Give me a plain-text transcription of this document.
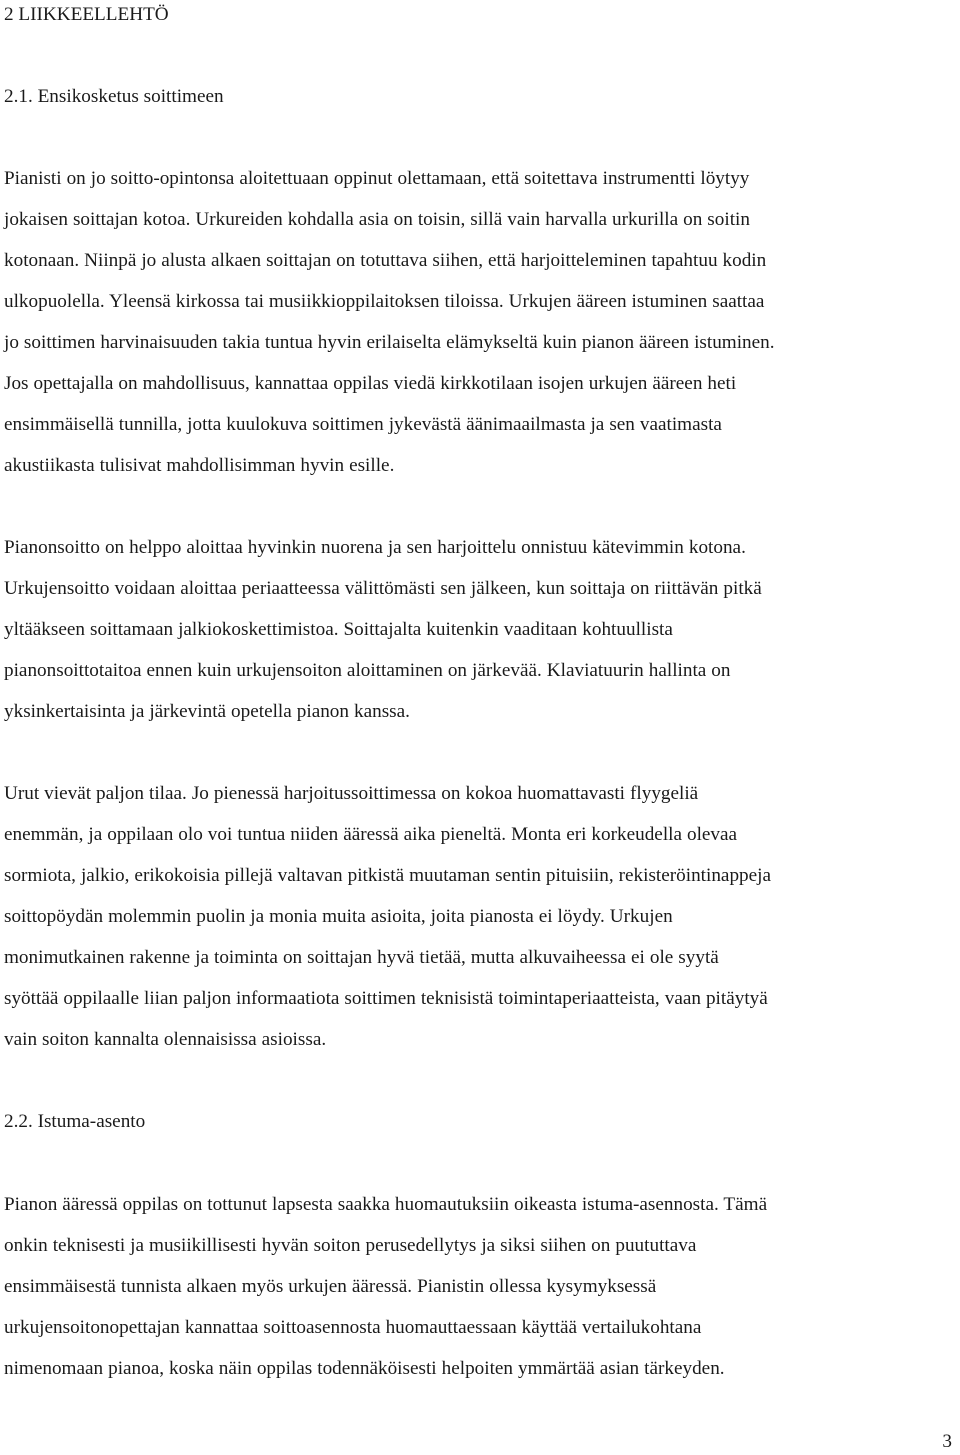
2 LIIKKEELLEHTÖ
2.1. Ensikosketus soittimeen
Pianisti on jo soitto-opintonsa aloitettuaan oppinut olettamaan, että soitettava instrumentti löytyy
jokaisen soittajan kotoa. Urkureiden kohdalla asia on toisin, sillä vain harvalla urkurilla on soitin
kotonaan. Niinpä jo alusta alkaen soittajan on totuttava siihen, että harjoitteleminen tapahtuu kodin
ulkopuolella. Yleensä kirkossa tai musiikkioppilaitoksen tiloissa. Urkujen ääreen istuminen saattaa
jo soittimen harvinaisuuden takia tuntua hyvin erilaiselta elämykseltä kuin pianon ääreen istuminen.
Jos opettajalla on mahdollisuus, kannattaa oppilas viedä kirkkotilaan isojen urkujen ääreen heti
ensimmäisellä tunnilla, jotta kuulokuva soittimen jykevästä äänimaailmasta ja sen vaatimasta
akustiikasta tulisivat mahdollisimman hyvin esille.
Pianonsoitto on helppo aloittaa hyvinkin nuorena ja sen harjoittelu onnistuu kätevimmin kotona.
Urkujensoitto voidaan aloittaa periaatteessa välittömästi sen jälkeen, kun soittaja on riittävän pitkä
yltääkseen soittamaan jalkiokoskettimistoa. Soittajalta kuitenkin vaaditaan kohtuullista
pianonsoittotaitoa ennen kuin urkujensoiton aloittaminen on järkevää. Klaviatuurin hallinta on
yksinkertaisinta ja järkevintä opetella pianon kanssa.
Urut vievät paljon tilaa. Jo pienessä harjoitussoittimessa on kokoa huomattavasti flyygeliä
enemmän, ja oppilaan olo voi tuntua niiden ääressä aika pieneltä. Monta eri korkeudella olevaa
sormiota, jalkio, erikokoisia pillejä valtavan pitkistä muutaman sentin pituisiin, rekisteröintinappeja
soittopöydän molemmin puolin ja monia muita asioita, joita pianosta ei löydy. Urkujen
monimutkainen rakenne ja toiminta on soittajan hyvä tietää, mutta alkuvaiheessa ei ole syytä
syöttää oppilaalle liian paljon informaatiota soittimen teknisistä toimintaperiaatteista, vaan pitäytyä
vain soiton kannalta olennaisissa asioissa.
2.2. Istuma-asento
Pianon ääressä oppilas on tottunut lapsesta saakka huomautuksiin oikeasta istuma-asennosta. Tämä
onkin teknisesti ja musiikillisesti hyvän soiton perusedellytys ja siksi siihen on puututtava
ensimmäisestä tunnista alkaen myös urkujen ääressä. Pianistin ollessa kysymyksessä
urkujensoitonopettajan kannattaa soittoasennosta huomauttaessaan käyttää vertailukohtana
nimenomaan pianoa, koska näin oppilas todennäköisesti helpoiten ymmärtää asian tärkeyden.
3
